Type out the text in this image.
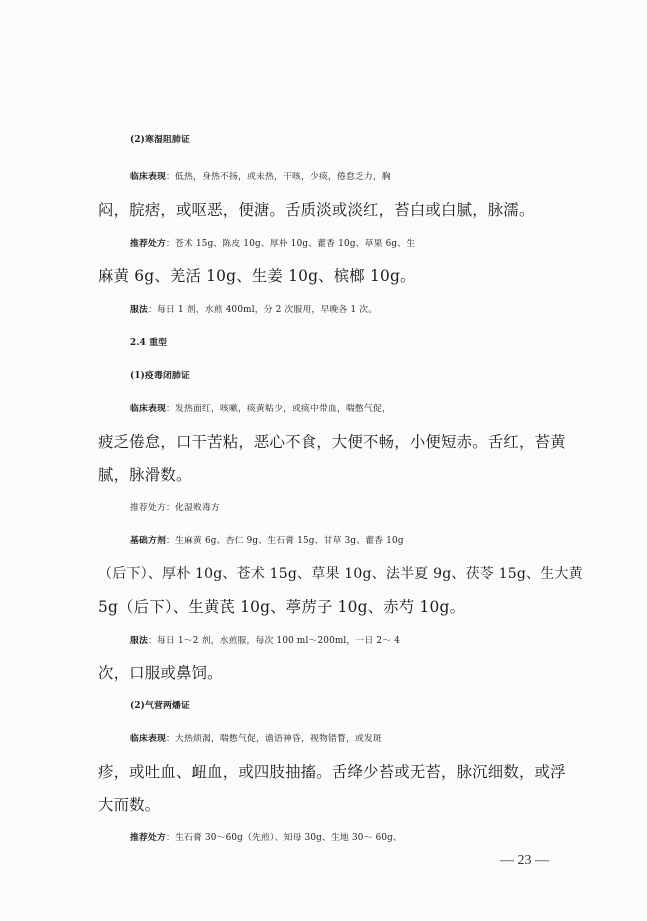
(2)寒湿阻肺证
临床表现：低热，身热不扬，或未热，干咳，少痰，倦怠乏力，胸
闷，脘痞，或呕恶，便溏。舌质淡或淡红，苔白或白腻，脉濡。
推荐处方：苍术 15g、陈皮 10g、厚朴 10g、藿香 10g、草果 6g、生
麻黄 6g、羌活 10g、生姜 10g、槟榔 10g。
服法：每日 1 剂，水煎 400ml，分 2 次服用，早晚各 1 次。
2.4 重型
(1)疫毒闭肺证
临床表现：发热面红，咳嗽，痰黄粘少，或痰中带血，喘憋气促，
疲乏倦怠，口干苦粘，恶心不食，大便不畅，小便短赤。舌红，苔黄
腻，脉滑数。
推荐处方：化湿败毒方
基础方剂：生麻黄 6g、杏仁 9g、生石膏 15g、甘草 3g、藿香 10g
（后下）、厚朴 10g、苍术 15g、草果 10g、法半夏 9g、茯苓 15g、生大黄
5g（后下）、生黄芪 10g、葶苈子 10g、赤芍 10g。
服法：每日 1～2 剂，水煎服，每次 100 ml～200ml，一日 2～ 4
次，口服或鼻饲。
(2)气营两燔证
临床表现：大热烦渴，喘憋气促，谵语神昏，视物错瞀，或发斑
疹，或吐血、衄血，或四肢抽搐。舌绛少苔或无苔，脉沉细数，或浮
大而数。
推荐处方：生石膏 30～60g（先煎）、知母 30g、生地 30～ 60g、
— 23 —
